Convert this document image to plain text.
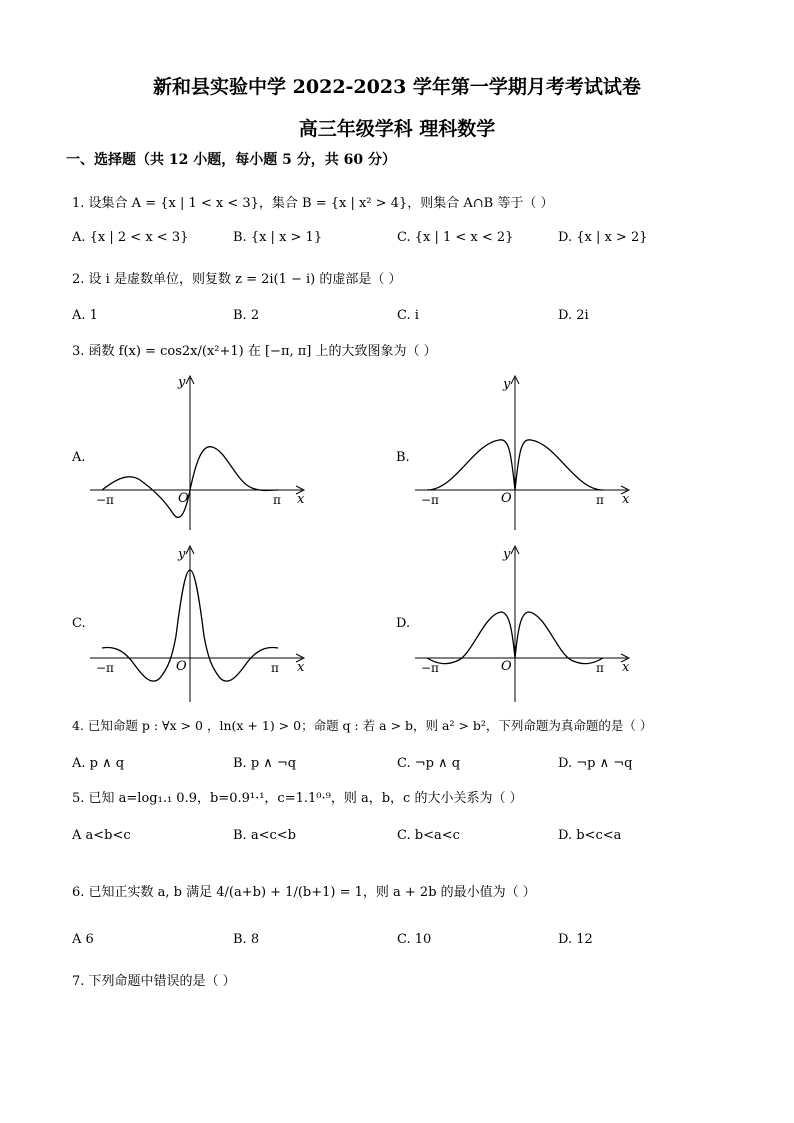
新和县实验中学 2022-2023 学年第一学期月考考试试卷
高三年级学科 理科数学
一、选择题（共 12 小题，每小题 5 分，共 60 分）
1. 设集合 A = {x | 1 < x < 3}，集合 B = {x | x² > 4}，则集合 A∩B 等于（ ）
A. {x | 2 < x < 3}	B. {x | x > 1}	C. {x | 1 < x < 2}	D. {x | x > 2}
2. 设 i 是虚数单位，则复数 z = 2i(1 − i) 的虚部是（ ）
A. 1	B. 2	C. i	D. 2i
3. 函数 f(x) = cos2x/(x²+1) 在 [−π, π] 上的大致图象为（ ）
A.	B.
C.	D.
y
x
O
−π	π
y
x
O
−π	π
y
x
O
−π	π
y
x
O
−π	π
4. 已知命题 p : ∀x > 0 ，ln(x + 1) > 0；命题 q : 若 a > b，则 a² > b²，下列命题为真命题的是（ ）
A. p ∧ q	B. p ∧ ¬q	C. ¬p ∧ q	D. ¬p ∧ ¬q
5. 已知 a=log₁.₁ 0.9，b=0.9¹·¹，c=1.1⁰·⁹，则 a，b，c 的大小关系为（ ）
A a<b<c	B. a<c<b	C. b<a<c	D. b<c<a
6. 已知正实数 a, b 满足 4/(a+b) + 1/(b+1) = 1，则 a + 2b 的最小值为（ ）
A 6	B. 8	C. 10	D. 12
7. 下列命题中错误的是（ ）
